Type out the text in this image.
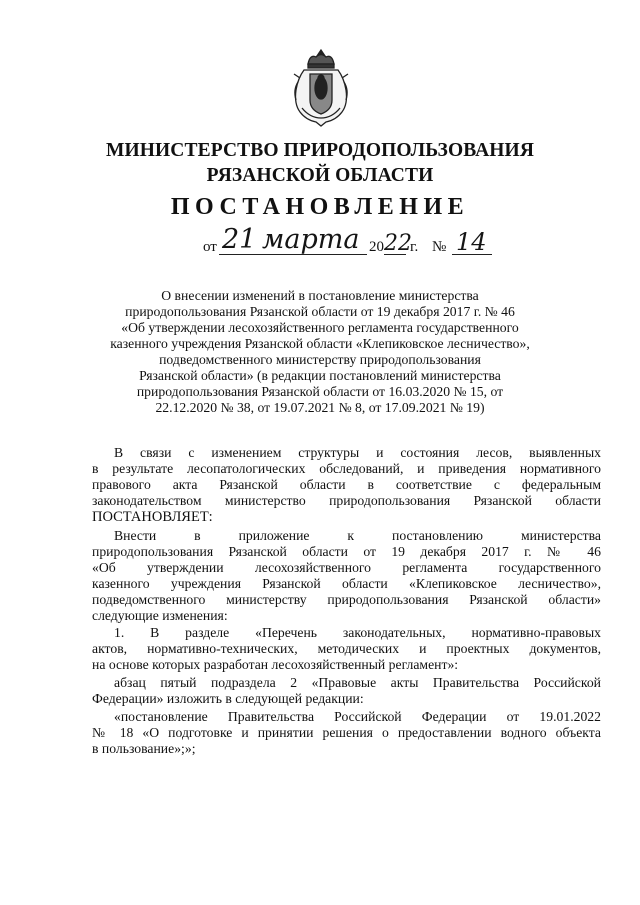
МИНИСТЕРСТВО ПРИРОДОПОЛЬЗОВАНИЯ
РЯЗАНСКОЙ ОБЛАСТИ
ПОСТАНОВЛЕНИЕ
от 21 марта 20 22
г. № 14
О внесении изменений в постановление министерства
природопользования Рязанской области от 19 декабря 2017 г. № 46
«Об утверждении лесохозяйственного регламента государственного
казенного учреждения Рязанской области «Клепиковское лесничество»,
подведомственного министерству природопользования
Рязанской области» (в редакции постановлений министерства
природопользования Рязанской области от 16.03.2020 № 15, от
22.12.2020 № 38, от 19.07.2021 № 8, от 17.09.2021 № 19)
В связи с изменением структуры и состояния лесов, выявленных
в результате лесопатологических обследований, и приведения нормативного
правового акта Рязанской области в соответствие с федеральным
законодательством министерство природопользования Рязанской области
ПОСТАНОВЛЯЕТ:
Внести в приложение к постановлению министерства
природопользования Рязанской области от 19 декабря 2017 г. № 46
«Об утверждении лесохозяйственного регламента государственного
казенного учреждения Рязанской области «Клепиковское лесничество»,
подведомственного министерству природопользования Рязанской области»
следующие изменения:
1. В разделе «Перечень законодательных, нормативно-правовых
актов, нормативно-технических, методических и проектных документов,
на основе которых разработан лесохозяйственный регламент»:
абзац пятый подраздела 2 «Правовые акты Правительства Российской
Федерации» изложить в следующей редакции:
«постановление Правительства Российской Федерации от 19.01.2022
№ 18 «О подготовке и принятии решения о предоставлении водного объекта
в пользование»;»;
